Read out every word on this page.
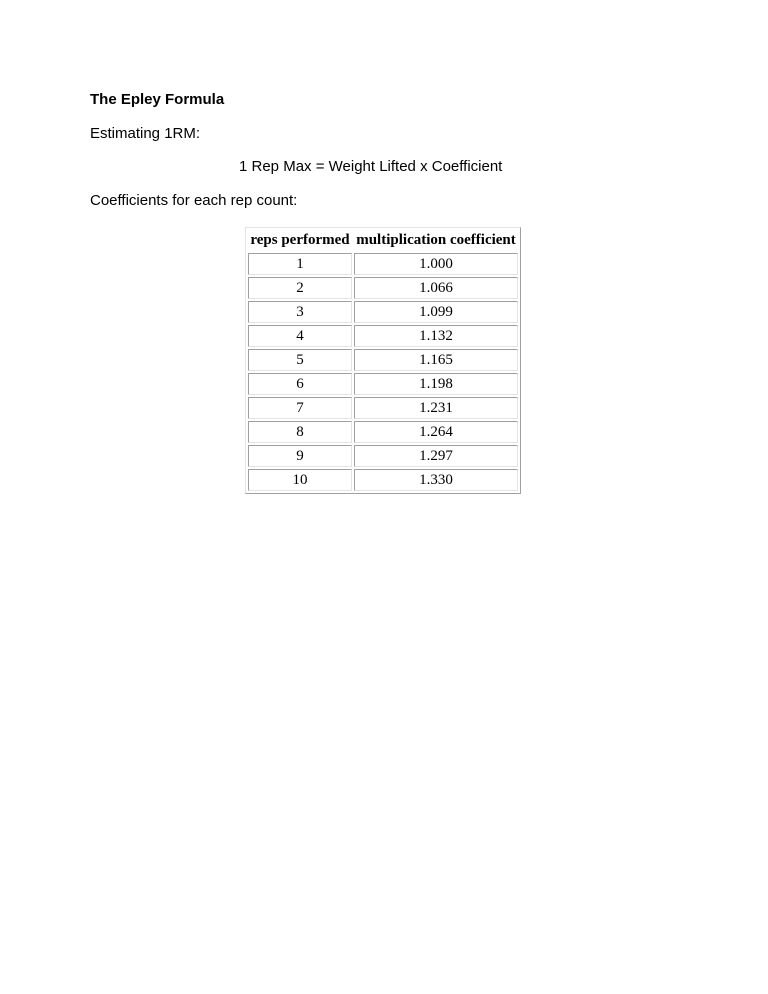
The Epley Formula
Estimating 1RM:
1 Rep Max = Weight Lifted x Coefficient
Coefficients for each rep count:
reps performed	multiplication coefficient
1	1.000
2	1.066
3	1.099
4	1.132
5	1.165
6	1.198
7	1.231
8	1.264
9	1.297
10	1.330
